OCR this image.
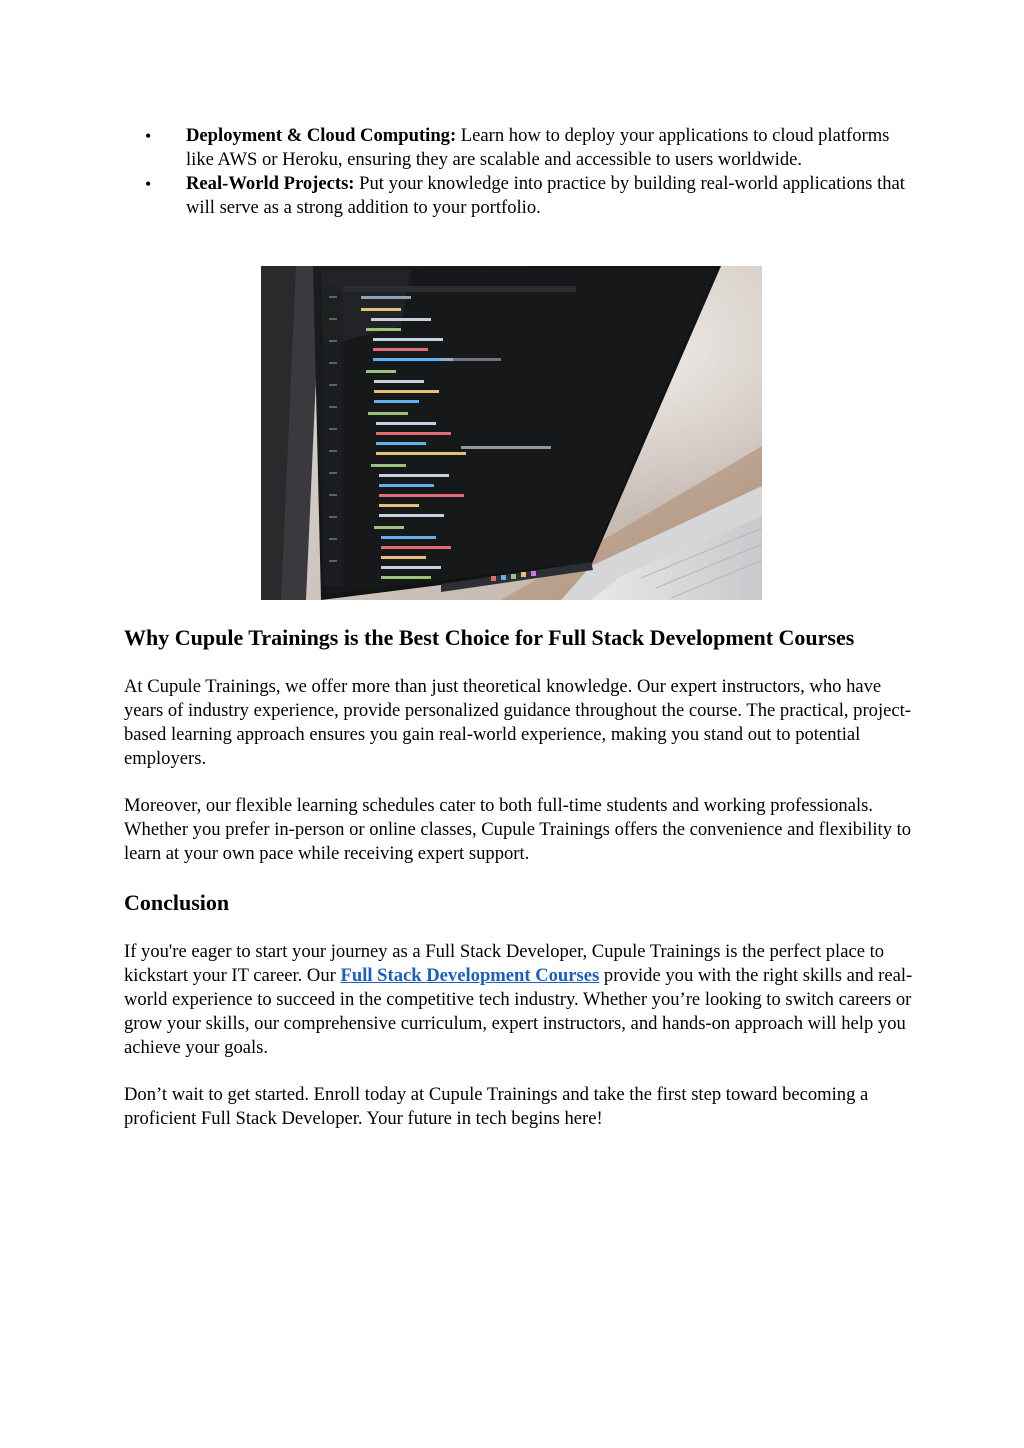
• Deployment & Cloud Computing: Learn how to deploy your applications to cloud platforms like AWS or Heroku, ensuring they are scalable and accessible to users worldwide.
• Real-World Projects: Put your knowledge into practice by building real-world applications that will serve as a strong addition to your portfolio.
Why Cupule Trainings is the Best Choice for Full Stack Development Courses

At Cupule Trainings, we offer more than just theoretical knowledge. Our expert instructors, who have years of industry experience, provide personalized guidance throughout the course. The practical, project-based learning approach ensures you gain real-world experience, making you stand out to potential employers.

Moreover, our flexible learning schedules cater to both full-time students and working professionals. Whether you prefer in-person or online classes, Cupule Trainings offers the convenience and flexibility to learn at your own pace while receiving expert support.

Conclusion

If you're eager to start your journey as a Full Stack Developer, Cupule Trainings is the perfect place to kickstart your IT career. Our Full Stack Development Courses provide you with the right skills and real-world experience to succeed in the competitive tech industry. Whether you’re looking to switch careers or grow your skills, our comprehensive curriculum, expert instructors, and hands-on approach will help you achieve your goals.

Don’t wait to get started. Enroll today at Cupule Trainings and take the first step toward becoming a proficient Full Stack Developer. Your future in tech begins here!
